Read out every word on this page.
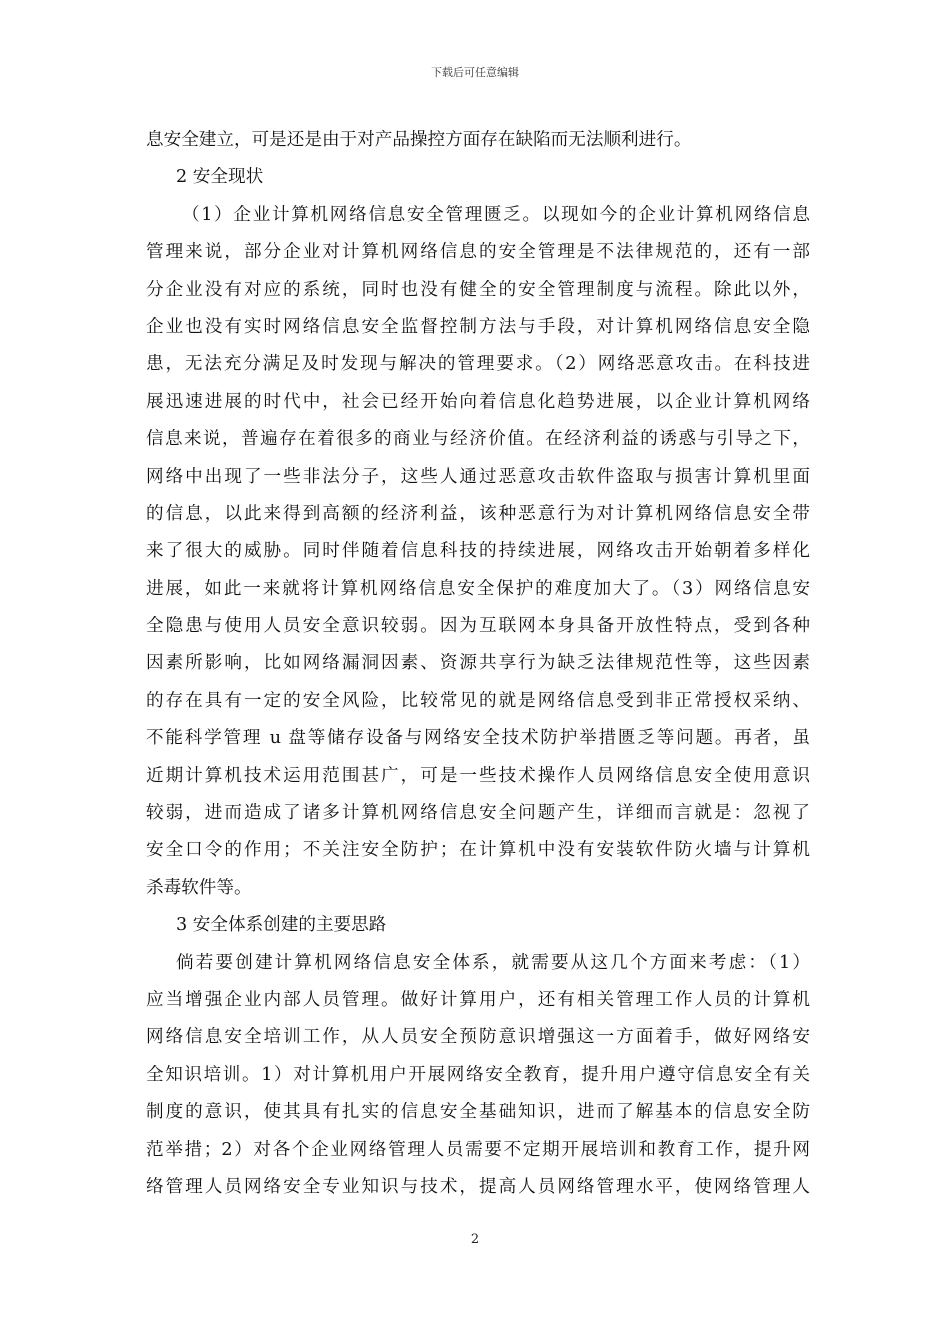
下载后可任意编辑
息安全建立，可是还是由于对产品操控方面存在缺陷而无法顺利进行。
2 安全现状
（1）企业计算机网络信息安全管理匮乏。以现如今的企业计算机网络信息
管理来说，部分企业对计算机网络信息的安全管理是不法律规范的，还有一部
分企业没有对应的系统，同时也没有健全的安全管理制度与流程。除此以外，
企业也没有实时网络信息安全监督控制方法与手段，对计算机网络信息安全隐
患，无法充分满足及时发现与解决的管理要求。（2）网络恶意攻击。在科技进
展迅速进展的时代中，社会已经开始向着信息化趋势进展，以企业计算机网络
信息来说，普遍存在着很多的商业与经济价值。在经济利益的诱惑与引导之下，
网络中出现了一些非法分子，这些人通过恶意攻击软件盗取与损害计算机里面
的信息，以此来得到高额的经济利益，该种恶意行为对计算机网络信息安全带
来了很大的威胁。同时伴随着信息科技的持续进展，网络攻击开始朝着多样化
进展，如此一来就将计算机网络信息安全保护的难度加大了。（3）网络信息安
全隐患与使用人员安全意识较弱。因为互联网本身具备开放性特点，受到各种
因素所影响，比如网络漏洞因素、资源共享行为缺乏法律规范性等，这些因素
的存在具有一定的安全风险，比较常见的就是网络信息受到非正常授权采纳、
不能科学管理 u 盘等储存设备与网络安全技术防护举措匮乏等问题。再者，虽
近期计算机技术运用范围甚广，可是一些技术操作人员网络信息安全使用意识
较弱，进而造成了诸多计算机网络信息安全问题产生，详细而言就是：忽视了
安全口令的作用；不关注安全防护；在计算机中没有安装软件防火墙与计算机
杀毒软件等。
3 安全体系创建的主要思路
倘若要创建计算机网络信息安全体系，就需要从这几个方面来考虑：（1）
应当增强企业内部人员管理。做好计算用户，还有相关管理工作人员的计算机
网络信息安全培训工作，从人员安全预防意识增强这一方面着手，做好网络安
全知识培训。1）对计算机用户开展网络安全教育，提升用户遵守信息安全有关
制度的意识，使其具有扎实的信息安全基础知识，进而了解基本的信息安全防
范举措；2）对各个企业网络管理人员需要不定期开展培训和教育工作，提升网
络管理人员网络安全专业知识与技术，提高人员网络管理水平，使网络管理人
2
